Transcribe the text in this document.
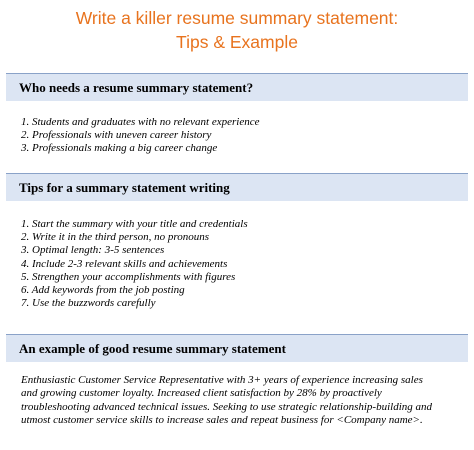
Write a killer resume summary statement:
Tips & Example
Who needs a resume summary statement?
1. Students and graduates with no relevant experience
2. Professionals with uneven career history
3. Professionals making a big career change
Tips for a summary statement writing
1. Start the summary with your title and credentials
2. Write it in the third person, no pronouns
3. Optimal length: 3-5 sentences
4. Include 2-3 relevant skills and achievements
5. Strengthen your accomplishments with figures
6. Add keywords from the job posting
7. Use the buzzwords carefully
An example of good resume summary statement

Enthusiastic Customer Service Representative with 3+ years of experience increasing sales
and growing customer loyalty. Increased client satisfaction by 28% by proactively
troubleshooting advanced technical issues. Seeking to use strategic relationship-building and
utmost customer service skills to increase sales and repeat business for <Company name>.
